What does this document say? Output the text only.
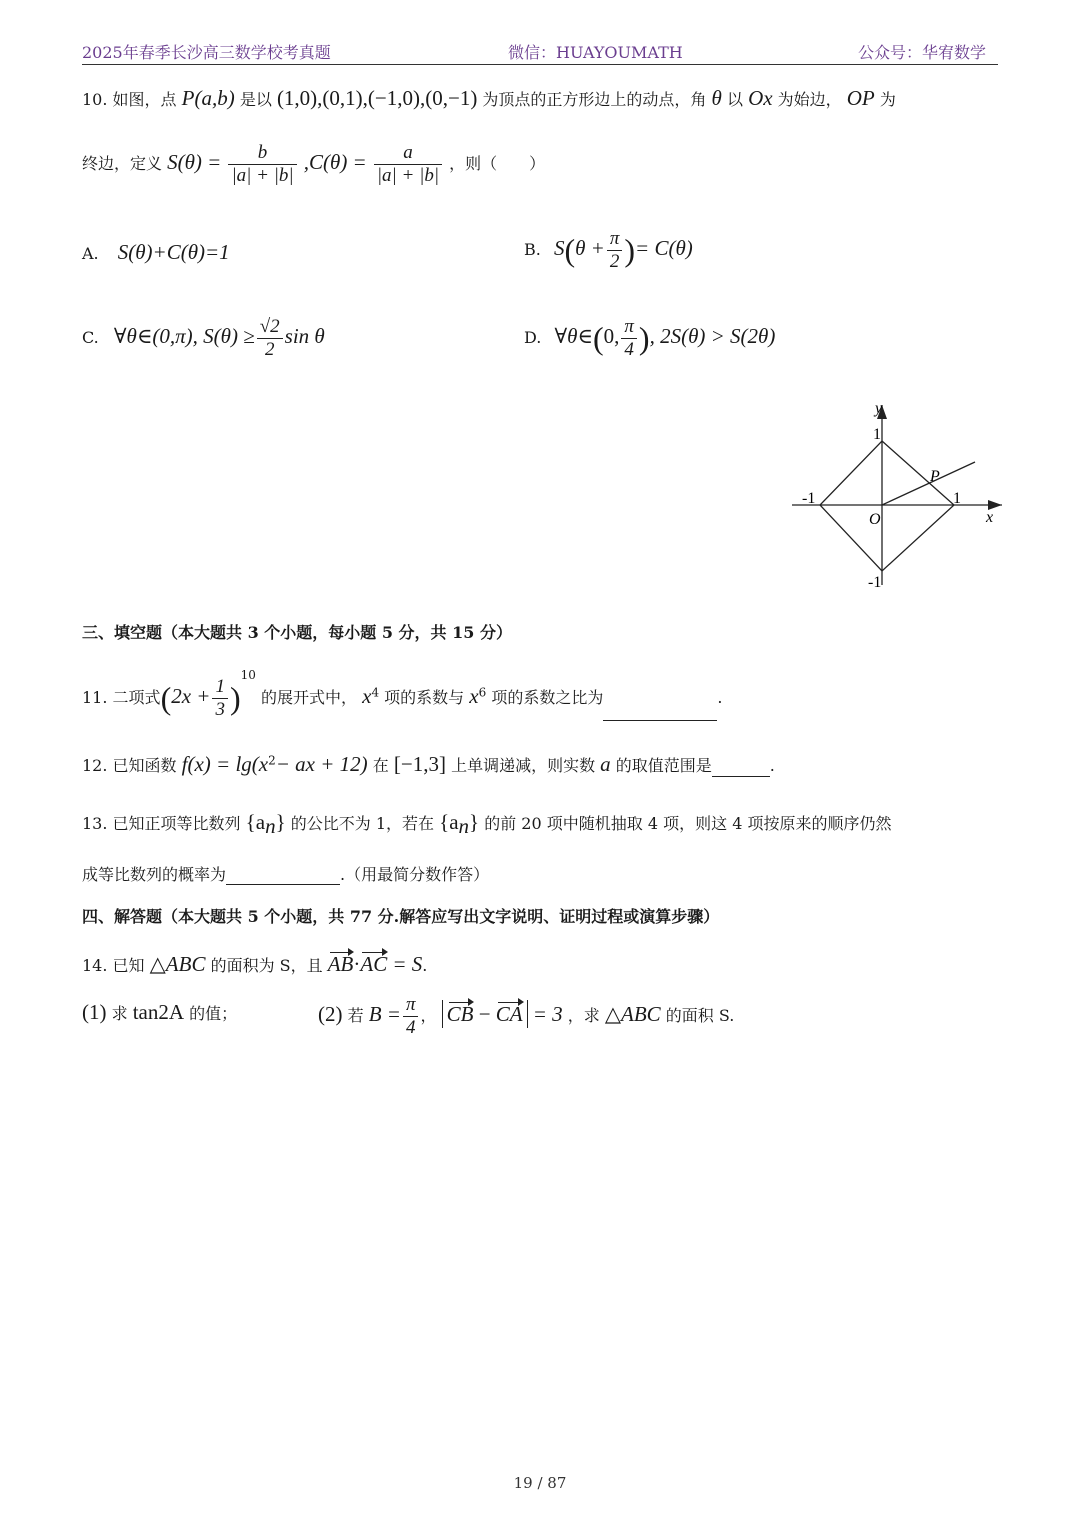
2025年春季长沙高三数学校考真题	微信：HUAYOUMATH	公众号：华宥数学
10. 如图，点 P(a,b) 是以 (1,0),(0,1),(−1,0),(0,−1) 为顶点的正方形边上的动点，角 θ 以 Ox 为始边， OP 为
终边，定义 $S(\theta) = \frac{b}{|a| + |b|} ,C(\theta) = \frac{a}{|a| + |b|}$ ，则（　　）
A. S(θ)+C(θ)=1	B. $S(\theta + \frac{\pi}{2}$ )= C(θ)
C. ∀θ∈(0,π), $S(\theta) \ge \frac{√2}{2}$ sin θ	D. ∀θ∈(0, $\frac{\pi}{4}$ ), 2S(θ) > S(2θ)
y
x
O
P
1
-1
-1	1
三、填空题（本大题共 3 个小题，每小题 5 分，共 15 分）
11. 二项式$(2x + \frac{1}{3} )^{10}$ 的展开式中， $x^4$ 项的系数与 $x^6$ 项的系数之比为	.
12. 已知函数 $f(x) = \lg(x^2-$ ax + 12) 在 [−1,3] 上单调递减，则实数 a 的取值范围是	.
13. 已知正项等比数列 $\{a_n\}$ 的公比不为 1，若在 $\{a_n\}$ 的前 20 项中随机抽取 4 项，则这 4 项按原来的顺序仍然
成等比数列的概率为	.（用最简分数作答）
四、解答题（本大题共 5 个小题，共 77 分.解答应写出文字说明、证明过程或演算步骤）
14. 已知 △ABC 的面积为 S，且 AB·AC = S.
(1) 求 tan2A 的值；	(2) 若 $B = \frac{\pi}{4}$ ， CB − CA = 3 ，求 △ABC 的面积 S.
19 / 87
